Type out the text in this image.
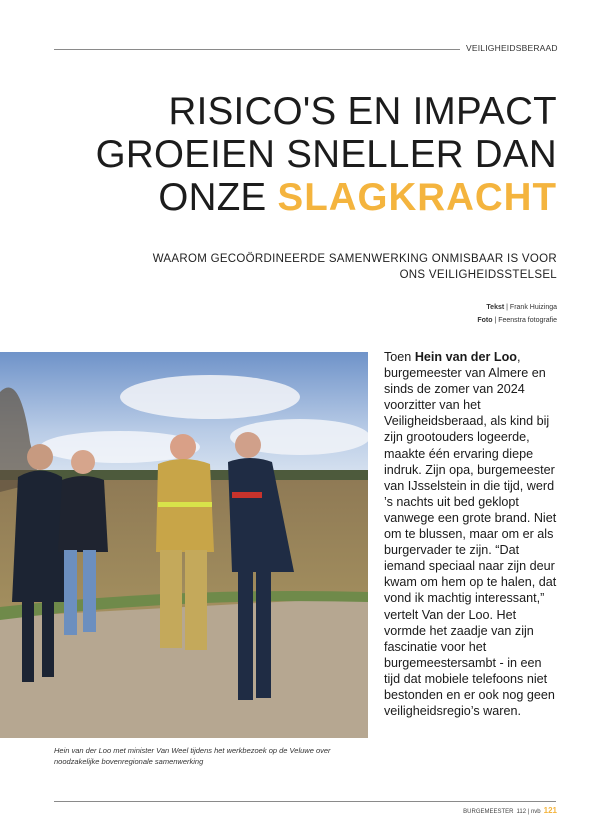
VEILIGHEIDSBERAAD
RISICO'S EN IMPACT
GROEIEN SNELLER DAN
ONZE SLAGKRACHT
WAAROM GECOÖRDINEERDE SAMENWERKING ONMISBAAR IS VOOR ONS VEILIGHEIDSSTELSEL
Tekst | Frank Huizinga
Foto | Feenstra fotografie
Hein van der Loo met minister Van Weel tijdens het werkbezoek op de Veluwe over noodzakelijke bovenregionale samenwerking
Toen Hein van der Loo, burgemeester van Almere en sinds de zomer van 2024 voorzitter van het Veiligheidsberaad, als kind bij zijn grootouders logeerde, maakte één ervaring diepe indruk. Zijn opa, burgemeester van IJsselstein in die tijd, werd ’s nachts uit bed geklopt vanwege een grote brand. Niet om te blussen, maar om er als burgervader te zijn. “Dat iemand speciaal naar zijn deur kwam om hem op te halen, dat vond ik machtig interessant,” vertelt Van der Loo. Het vormde het zaadje van zijn fascinatie voor het burgemeestersambt - in een tijd dat mobiele telefoons niet bestonden en er ook nog geen veiligheidsregio’s waren.
BURGEMEESTER 112 | nvb 121
